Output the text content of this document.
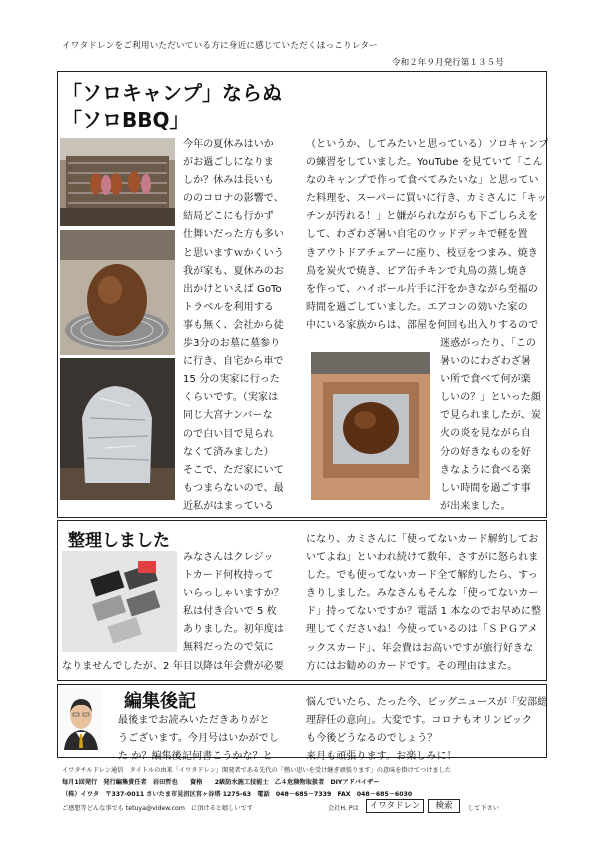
イワタドレンをご利用いただいている方に身近に感じていただくほっこりレター
令和２年９月発行第１３５号
「ソロキャンプ」ならぬ
「ソロBBQ」

今年の夏休みはいか

がお過ごしになりま

しか？休みは長いも

ののコロナの影響で、

結局どこにも行かず

仕舞いだった方も多い

と思いますｗかくいう

我が家も、夏休みのお

出かけといえば GoTo

トラベルを利用する

事も無く、会社から徒

歩3分のお墓に墓参り

に行き、自宅から車で

15 分の実家に行った

くらいです。（実家は

同じ大宮ナンバーな

ので白い目で見られ

なくて済みました）

そこで、ただ家にいて

もつまらないので、最

近私がはまっている

（というか、してみたいと思っている）ソロキャンプ

の練習をしていました。YouTube を見ていて「こん

なのキャンプで作って食べてみたいな」と思ってい

た料理を、スーパーに買いに行き、カミさんに「キッ

チンが汚れる！」と嫌がられながらも下ごしらえを

して、わざわざ暑い自宅のウッドデッキで軽を置

きアウトドアチェアーに座り、枝豆をつまみ、焼き

鳥を炭火で焼き、ピア缶チキンで丸鳥の蒸し焼き

を作って、ハイボール片手に汗をかきながら至福の

時間を過ごしていました。エアコンの効いた家の

中にいる家族からは、部屋を何回も出入りするので

迷惑がったり、「この

暑いのにわざわざ暑

い所で食べて何が楽

しいの？」といった顔

で見られましたが、炭

火の炎を見ながら自

分の好きなものを好

きなように食べる楽

しい時間を過ごす事

が出来ました。

整理しました

みなさんはクレジッ

トカード何枚持って

いらっしゃいますか？

私は付き合いで 5 枚

ありました。初年度は

無料だったので気に

なりませんでしたが、2 年目以降は年会費が必要

になり、カミさんに「使ってないカード解約してお

いてよね」といわれ続けて数年、さすがに怒られま

した。でも使ってないカード全て解約したら、すっ

きりしました。みなさんもそんな「使ってないカー

ド」持ってないですか？電話 1 本なのでお早めに整

理してくださいね！今使っているのは「ＳＰＧアメ

ックスカード」、年会費はお高いですが旅行好きな

方にはお勧めのカードです。その理由はまた。

編集後記

最後までお読みいただきありがと

うございます。今月号はいかがでし

た か？編集後記何書こうかな？と

悩んでいたら、たった今、ビッグニュースが「安部総

理辞任の意向」。大変です。コロナもオリンピック

も今後どうなるのでしょう？

来月も頑張ります。お楽しみに！

イワタチルドレン通信　タイトルの由来「イワタドレン」開発者である先代の「熱い思いを受け継ぎ頑張ります」の意味を掛けてつけました
毎月1回発行　発行編集責任者　岩田哲也　　資格　　2級防水施工技能士　乙４危険物取扱者　DIYアドバイザー
（株）イワタ　〒337-0011 さいたま市見沼区宮ヶ谷塔 1275-63　電話　048－685－7339　FAX　048－685－6030
ご感想等どんな事でも tetuya@videw.com　に頂けると嬉しいです	会社H. Pは	イワタドレン	検索	して下さい
